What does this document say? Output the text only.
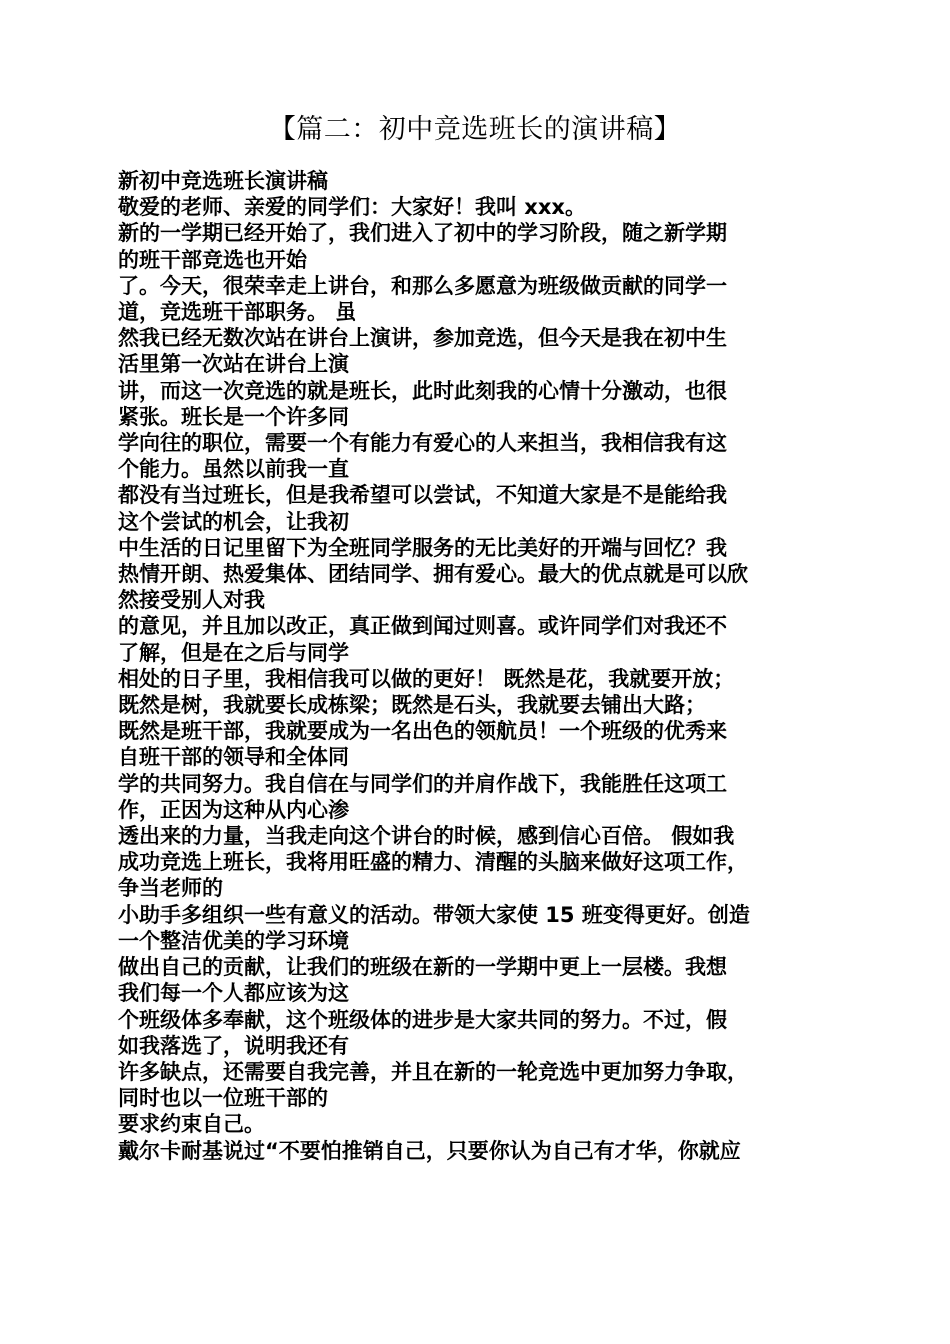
【篇二：初中竞选班长的演讲稿】
新初中竞选班长演讲稿
敬爱的老师、亲爱的同学们：大家好！我叫 xxx。
新的一学期已经开始了，我们进入了初中的学习阶段，随之新学期
的班干部竞选也开始
了。今天，很荣幸走上讲台，和那么多愿意为班级做贡献的同学一
道，竞选班干部职务。 虽
然我已经无数次站在讲台上演讲，参加竞选，但今天是我在初中生
活里第一次站在讲台上演
讲，而这一次竞选的就是班长，此时此刻我的心情十分激动，也很
紧张。班长是一个许多同
学向往的职位，需要一个有能力有爱心的人来担当，我相信我有这
个能力。虽然以前我一直
都没有当过班长，但是我希望可以尝试，不知道大家是不是能给我
这个尝试的机会，让我初
中生活的日记里留下为全班同学服务的无比美好的开端与回忆？我
热情开朗、热爱集体、团结同学、拥有爱心。最大的优点就是可以欣
然接受别人对我
的意见，并且加以改正，真正做到闻过则喜。或许同学们对我还不
了解，但是在之后与同学
相处的日子里，我相信我可以做的更好！ 既然是花，我就要开放；
既然是树，我就要长成栋梁；既然是石头，我就要去铺出大路；
既然是班干部，我就要成为一名出色的领航员！一个班级的优秀来
自班干部的领导和全体同
学的共同努力。我自信在与同学们的并肩作战下，我能胜任这项工
作，正因为这种从内心渗
透出来的力量，当我走向这个讲台的时候，感到信心百倍。 假如我
成功竞选上班长，我将用旺盛的精力、清醒的头脑来做好这项工作，
争当老师的
小助手多组织一些有意义的活动。带领大家使 15 班变得更好。创造
一个整洁优美的学习环境
做出自己的贡献，让我们的班级在新的一学期中更上一层楼。我想
我们每一个人都应该为这
个班级体多奉献，这个班级体的进步是大家共同的努力。不过，假
如我落选了，说明我还有
许多缺点，还需要自我完善，并且在新的一轮竞选中更加努力争取，
同时也以一位班干部的
要求约束自己。
戴尔卡耐基说过“不要怕推销自己，只要你认为自己有才华，你就应
